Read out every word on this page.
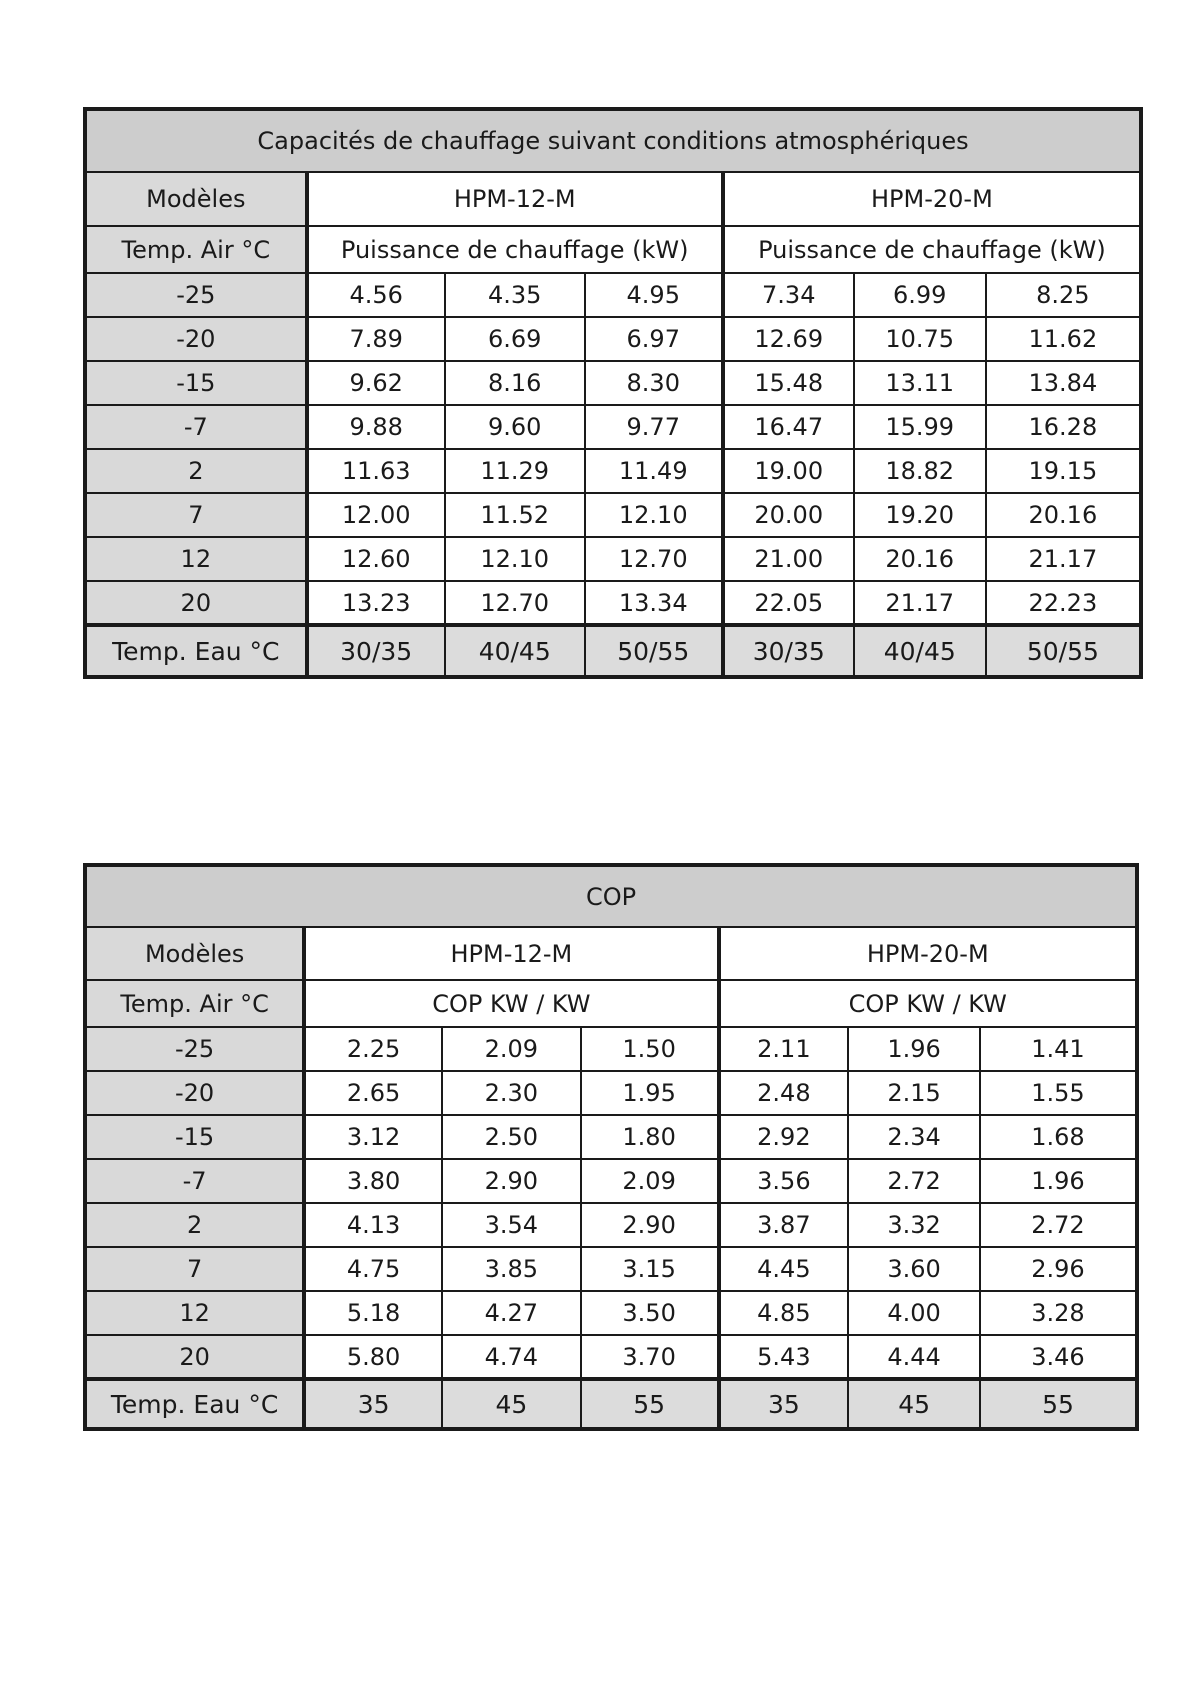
Capacités de chauffage suivant conditions atmosphériques						
Modèles	HPM-12-M			HPM-20-M		
Temp. Air °C	Puissance de chauffage (kW)			Puissance de chauffage (kW)		
-25	4.56	4.35	4.95	7.34	6.99	8.25
-20	7.89	6.69	6.97	12.69	10.75	11.62
-15	9.62	8.16	8.30	15.48	13.11	13.84
-7	9.88	9.60	9.77	16.47	15.99	16.28
2	11.63	11.29	11.49	19.00	18.82	19.15
7	12.00	11.52	12.10	20.00	19.20	20.16
12	12.60	12.10	12.70	21.00	20.16	21.17
20	13.23	12.70	13.34	22.05	21.17	22.23
Temp. Eau °C	30/35	40/45	50/55	30/35	40/45	50/55
COP						
Modèles	HPM-12-M			HPM-20-M		
Temp. Air °C	COP KW / KW			COP KW / KW		
-25	2.25	2.09	1.50	2.11	1.96	1.41
-20	2.65	2.30	1.95	2.48	2.15	1.55
-15	3.12	2.50	1.80	2.92	2.34	1.68
-7	3.80	2.90	2.09	3.56	2.72	1.96
2	4.13	3.54	2.90	3.87	3.32	2.72
7	4.75	3.85	3.15	4.45	3.60	2.96
12	5.18	4.27	3.50	4.85	4.00	3.28
20	5.80	4.74	3.70	5.43	4.44	3.46
Temp. Eau °C	35	45	55	35	45	55
